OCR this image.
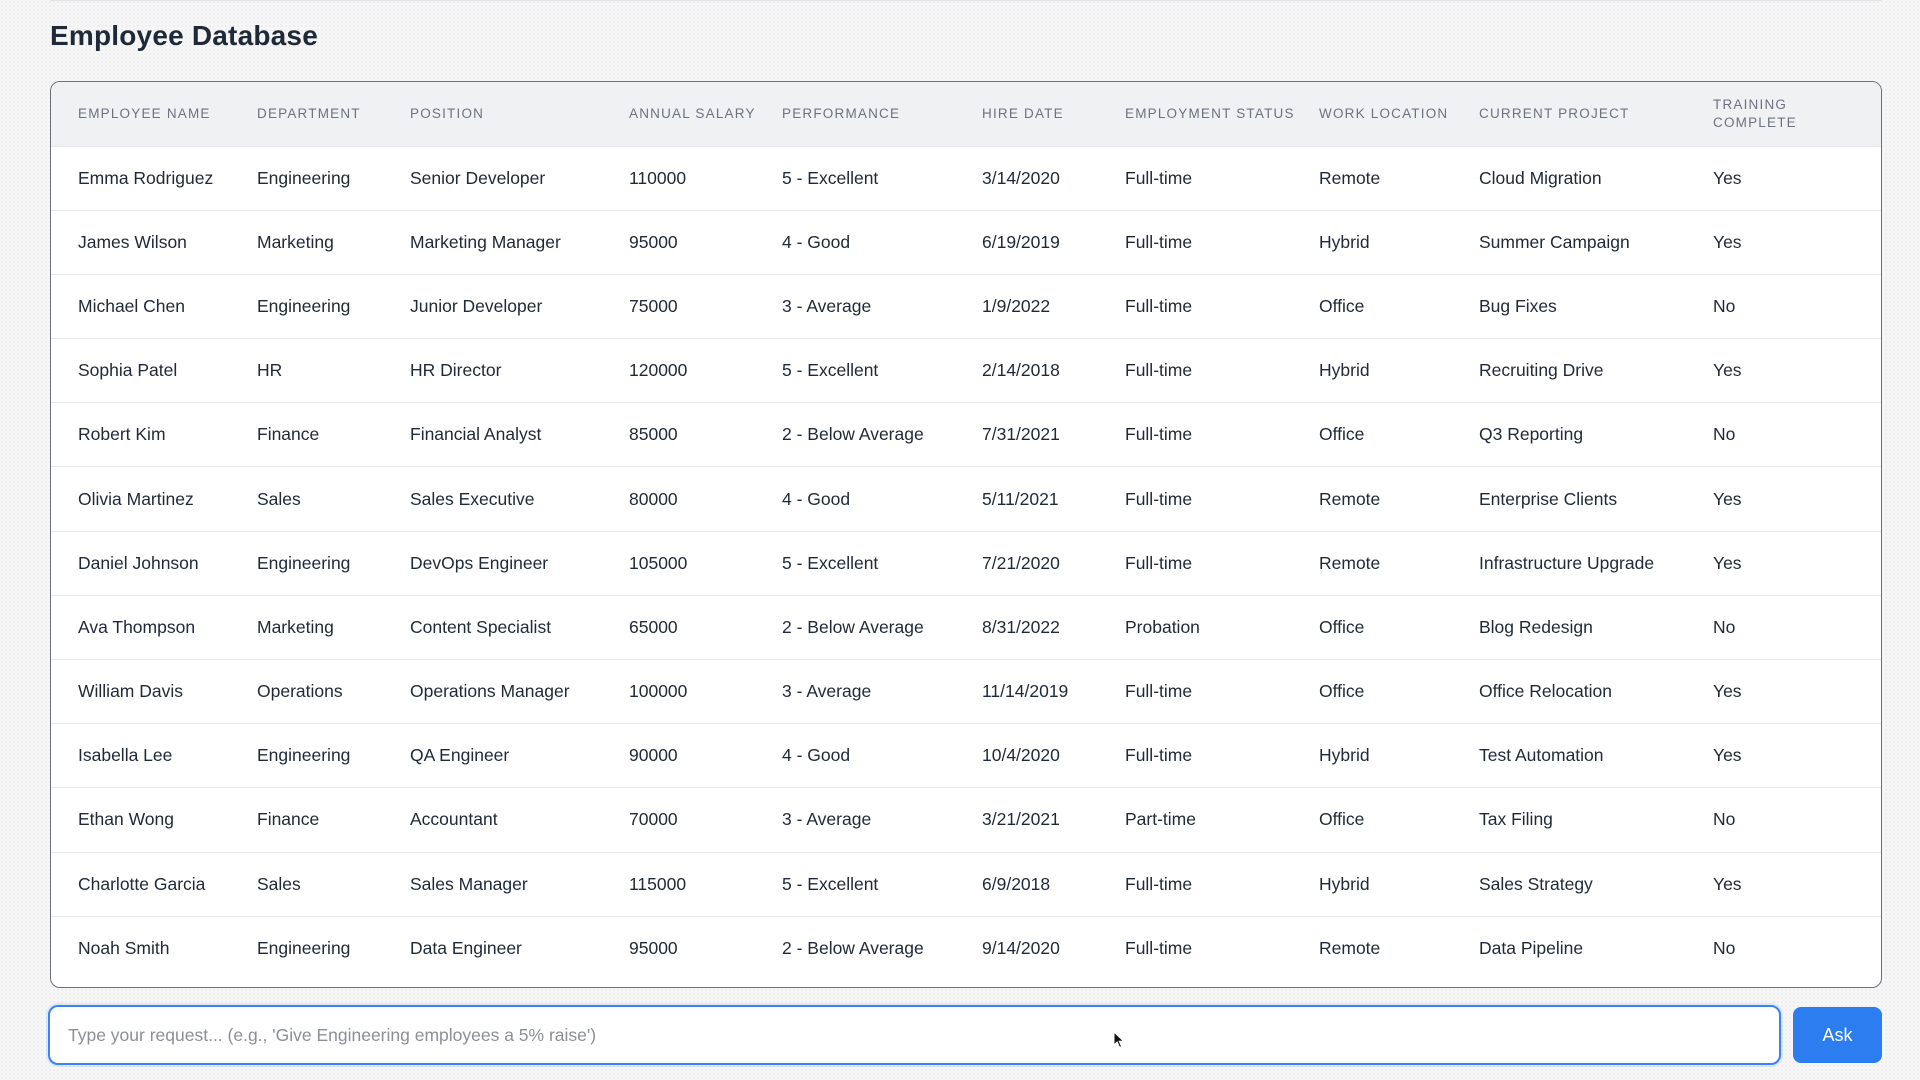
Employee Database
EMPLOYEE NAME	DEPARTMENT	POSITION	ANNUAL SALARY	PERFORMANCE	HIRE DATE	EMPLOYMENT STATUS	WORK LOCATION	CURRENT PROJECT	TRAINING COMPLETE
Emma Rodriguez	Engineering	Senior Developer	110000	5 - Excellent	3/14/2020	Full-time	Remote	Cloud Migration	Yes
James Wilson	Marketing	Marketing Manager	95000	4 - Good	6/19/2019	Full-time	Hybrid	Summer Campaign	Yes
Michael Chen	Engineering	Junior Developer	75000	3 - Average	1/9/2022	Full-time	Office	Bug Fixes	No
Sophia Patel	HR	HR Director	120000	5 - Excellent	2/14/2018	Full-time	Hybrid	Recruiting Drive	Yes
Robert Kim	Finance	Financial Analyst	85000	2 - Below Average	7/31/2021	Full-time	Office	Q3 Reporting	No
Olivia Martinez	Sales	Sales Executive	80000	4 - Good	5/11/2021	Full-time	Remote	Enterprise Clients	Yes
Daniel Johnson	Engineering	DevOps Engineer	105000	5 - Excellent	7/21/2020	Full-time	Remote	Infrastructure Upgrade	Yes
Ava Thompson	Marketing	Content Specialist	65000	2 - Below Average	8/31/2022	Probation	Office	Blog Redesign	No
William Davis	Operations	Operations Manager	100000	3 - Average	11/14/2019	Full-time	Office	Office Relocation	Yes
Isabella Lee	Engineering	QA Engineer	90000	4 - Good	10/4/2020	Full-time	Hybrid	Test Automation	Yes
Ethan Wong	Finance	Accountant	70000	3 - Average	3/21/2021	Part-time	Office	Tax Filing	No
Charlotte Garcia	Sales	Sales Manager	115000	5 - Excellent	6/9/2018	Full-time	Hybrid	Sales Strategy	Yes
Noah Smith	Engineering	Data Engineer	95000	2 - Below Average	9/14/2020	Full-time	Remote	Data Pipeline	No
Type your request... (e.g., 'Give Engineering employees a 5% raise')
Ask
